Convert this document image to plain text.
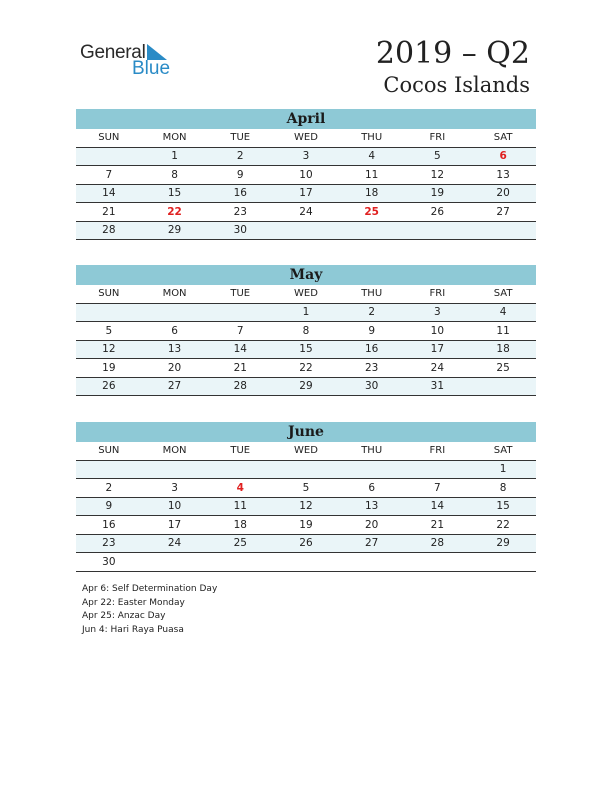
General
Blue	2019 – Q2
Cocos Islands
April
SUN	MON	TUE	WED	THU	FRI	SAT
	1	2	3	4	5	6
7	8	9	10	11	12	13
14	15	16	17	18	19	20
21	22	23	24	25	26	27
28	29	30				
May
SUN	MON	TUE	WED	THU	FRI	SAT
			1	2	3	4
5	6	7	8	9	10	11
12	13	14	15	16	17	18
19	20	21	22	23	24	25
26	27	28	29	30	31	
June
SUN	MON	TUE	WED	THU	FRI	SAT
						1
2	3	4	5	6	7	8
9	10	11	12	13	14	15
16	17	18	19	20	21	22
23	24	25	26	27	28	29
30						
Apr 6: Self Determination Day
Apr 22: Easter Monday
Apr 25: Anzac Day
Jun 4: Hari Raya Puasa
